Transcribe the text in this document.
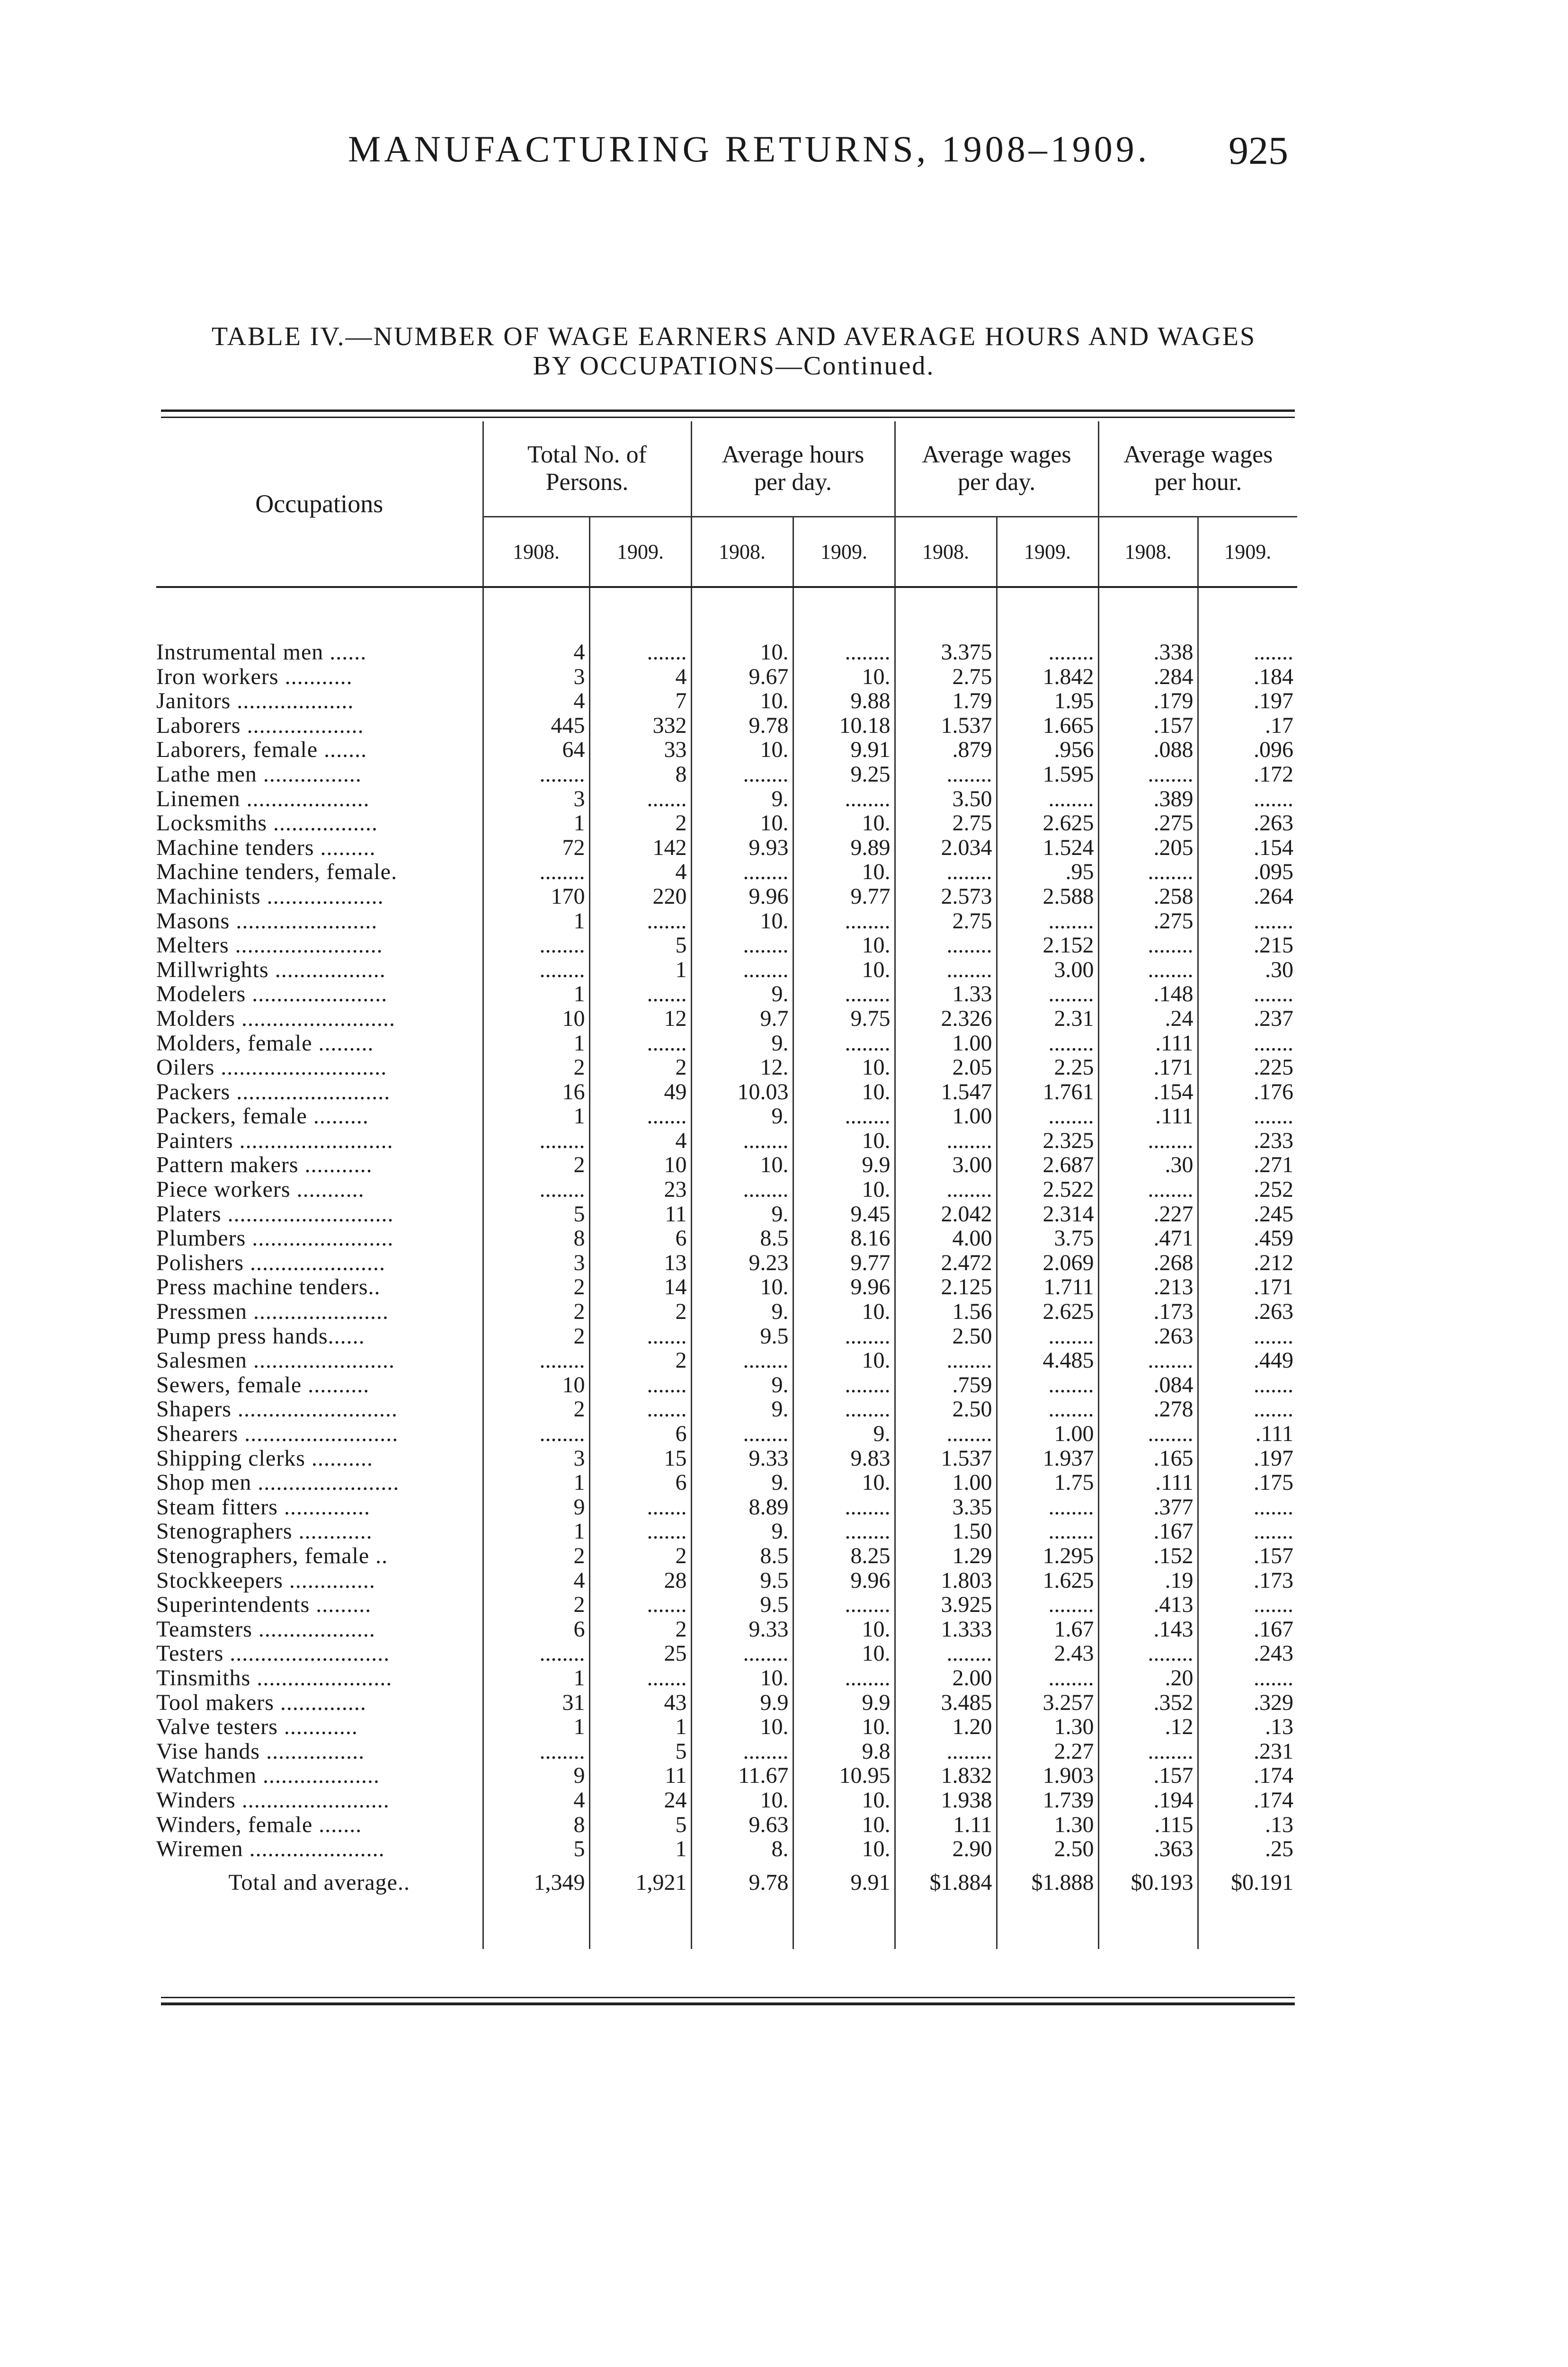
MANUFACTURING RETURNS, 1908–1909. 925
TABLE IV.—NUMBER OF WAGE EARNERS AND AVERAGE HOURS AND WAGES
BY OCCUPATIONS—Continued.
Occupations	Total No. of
Persons.		Average hours
per day.		Average wages
per day.		Average wages
per hour.	
	1908.	1909.	1908.	1909.	1908.	1909.	1908.	1909.

Instrumental men ......	4	.......	10.	........	3.375	........	.338	.......
Iron workers ...........	3	4	9.67	10.	2.75	1.842	.284	.184
Janitors ...................	4	7	10.	9.88	1.79	1.95	.179	.197
Laborers ...................	445	332	9.78	10.18	1.537	1.665	.157	.17
Laborers, female .......	64	33	10.	9.91	.879	.956	.088	.096
Lathe men ................	........	8	........	9.25	........	1.595	........	.172
Linemen ....................	3	.......	9.	........	3.50	........	.389	.......
Locksmiths .................	1	2	10.	10.	2.75	2.625	.275	.263
Machine tenders .........	72	142	9.93	9.89	2.034	1.524	.205	.154
Machine tenders, female.	........	4	........	10.	........	.95	........	.095
Machinists ...................	170	220	9.96	9.77	2.573	2.588	.258	.264
Masons .......................	1	.......	10.	........	2.75	........	.275	.......
Melters ........................	........	5	........	10.	........	2.152	........	.215
Millwrights ..................	........	1	........	10.	........	3.00	........	.30
Modelers ......................	1	.......	9.	........	1.33	........	.148	.......
Molders .........................	10	12	9.7	9.75	2.326	2.31	.24	.237
Molders, female .........	1	.......	9.	........	1.00	........	.111	.......
Oilers ...........................	2	2	12.	10.	2.05	2.25	.171	.225
Packers .........................	16	49	10.03	10.	1.547	1.761	.154	.176
Packers, female .........	1	.......	9.	........	1.00	........	.111	.......
Painters .........................	........	4	........	10.	........	2.325	........	.233
Pattern makers ...........	2	10	10.	9.9	3.00	2.687	.30	.271
Piece workers ...........	........	23	........	10.	........	2.522	........	.252
Platers ...........................	5	11	9.	9.45	2.042	2.314	.227	.245
Plumbers .......................	8	6	8.5	8.16	4.00	3.75	.471	.459
Polishers ......................	3	13	9.23	9.77	2.472	2.069	.268	.212
Press machine tenders..	2	14	10.	9.96	2.125	1.711	.213	.171
Pressmen ......................	2	2	9.	10.	1.56	2.625	.173	.263
Pump press hands......	2	.......	9.5	........	2.50	........	.263	.......
Salesmen .......................	........	2	........	10.	........	4.485	........	.449
Sewers, female ..........	10	.......	9.	........	.759	........	.084	.......
Shapers ..........................	2	.......	9.	........	2.50	........	.278	.......
Shearers .........................	........	6	........	9.	........	1.00	........	.111
Shipping clerks ..........	3	15	9.33	9.83	1.537	1.937	.165	.197
Shop men .......................	1	6	9.	10.	1.00	1.75	.111	.175
Steam fitters ..............	9	.......	8.89	........	3.35	........	.377	.......
Stenographers ............	1	.......	9.	........	1.50	........	.167	.......
Stenographers, female ..	2	2	8.5	8.25	1.29	1.295	.152	.157
Stockkeepers ..............	4	28	9.5	9.96	1.803	1.625	.19	.173
Superintendents .........	2	.......	9.5	........	3.925	........	.413	.......
Teamsters ...................	6	2	9.33	10.	1.333	1.67	.143	.167
Testers ..........................	........	25	........	10.	........	2.43	........	.243
Tinsmiths ......................	1	.......	10.	........	2.00	........	.20	.......
Tool makers ..............	31	43	9.9	9.9	3.485	3.257	.352	.329
Valve testers ............	1	1	10.	10.	1.20	1.30	.12	.13
Vise hands ................	........	5	........	9.8	........	2.27	........	.231
Watchmen ...................	9	11	11.67	10.95	1.832	1.903	.157	.174
Winders ........................	4	24	10.	10.	1.938	1.739	.194	.174
Winders, female .......	8	5	9.63	10.	1.11	1.30	.115	.13
Wiremen ......................	5	1	8.	10.	2.90	2.50	.363	.25
Total and average..	1,349	1,921	9.78	9.91	$1.884	$1.888	$0.193	$0.191
